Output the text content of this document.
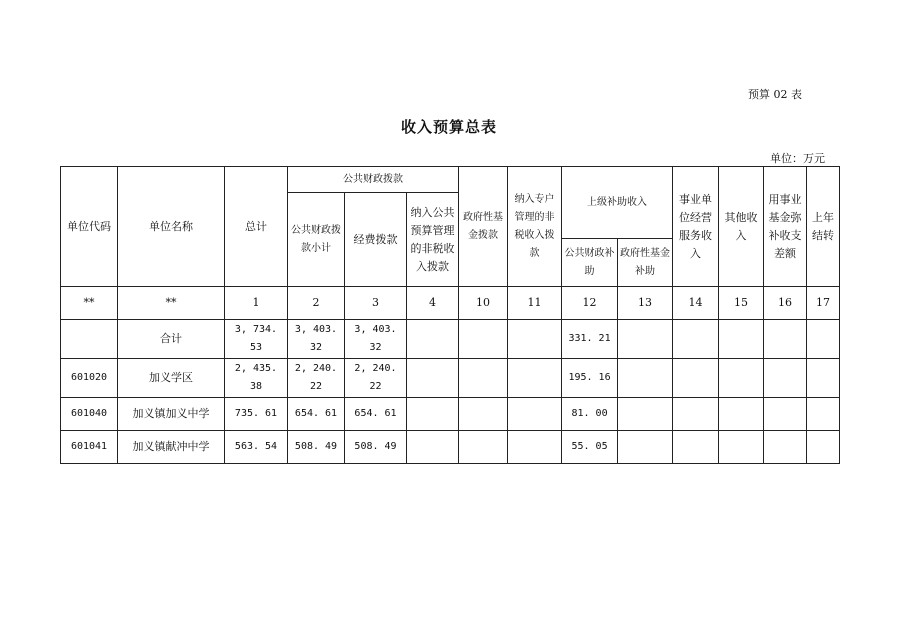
预算 02 表
收入预算总表
单位：万元
单位代码	单位名称	总计	公共财政拨款			政府性基金拨款	纳入专户管理的非税收入拨款	上级补助收入		事业单位经营服务收入	其他收入	用事业基金弥补收支差额	上年结转
			公共财政拨款小计	经费拨款	纳入公共预算管理的非税收入拨款								
								公共财政补助	政府性基金补助				
**	**	1	2	3	4	10	11	12	13	14	15	16	17
	合计	3, 734. 53	3, 403. 32	3, 403. 32				331. 21					
601020	加义学区	2, 435. 38	2, 240. 22	2, 240. 22				195. 16					
601040	加义镇加义中学	735. 61	654. 61	654. 61				81. 00					
601041	加义镇献冲中学	563. 54	508. 49	508. 49				55. 05					
